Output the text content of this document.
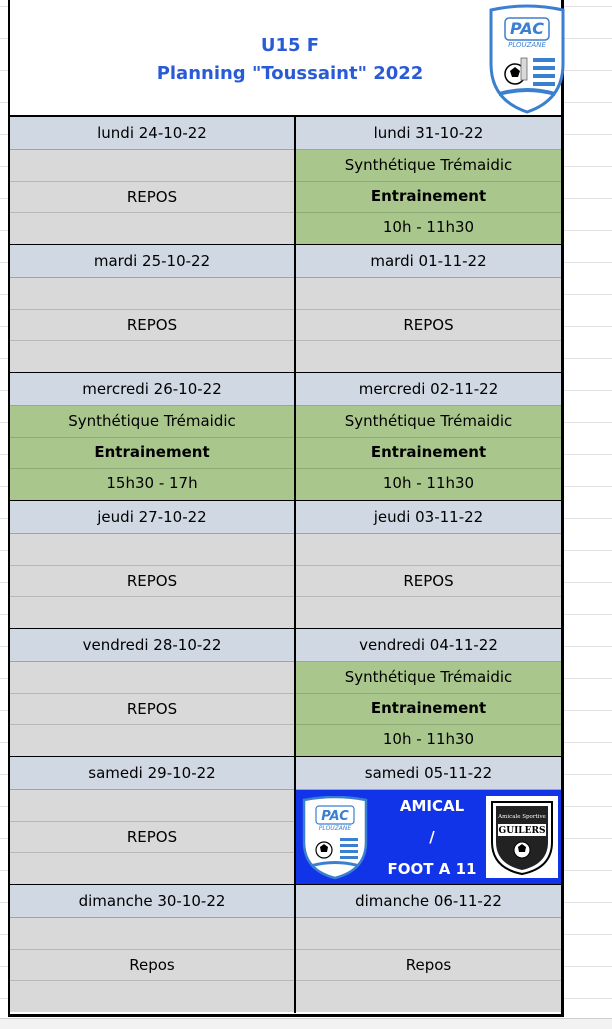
U15 F
Planning "Toussaint" 2022
PAC
PLOUZANE
lundi 24-10-22
REPOS
mardi 25-10-22
REPOS
mercredi 26-10-22
Synthétique Trémaidic
Entrainement
15h30 - 17h
jeudi 27-10-22
REPOS
vendredi 28-10-22
REPOS
samedi 29-10-22
REPOS
dimanche 30-10-22
Repos
lundi 31-10-22
Synthétique Trémaidic
Entrainement
10h - 11h30
mardi 01-11-22
REPOS
mercredi 02-11-22
Synthétique Trémaidic
Entrainement
10h - 11h30
jeudi 03-11-22
REPOS
vendredi 04-11-22
Synthétique Trémaidic
Entrainement
10h - 11h30
samedi 05-11-22
PAC
PLOUZANE
AMICAL
/
FOOT A 11
Amicale Sportive
GUILERS
dimanche 06-11-22
Repos
